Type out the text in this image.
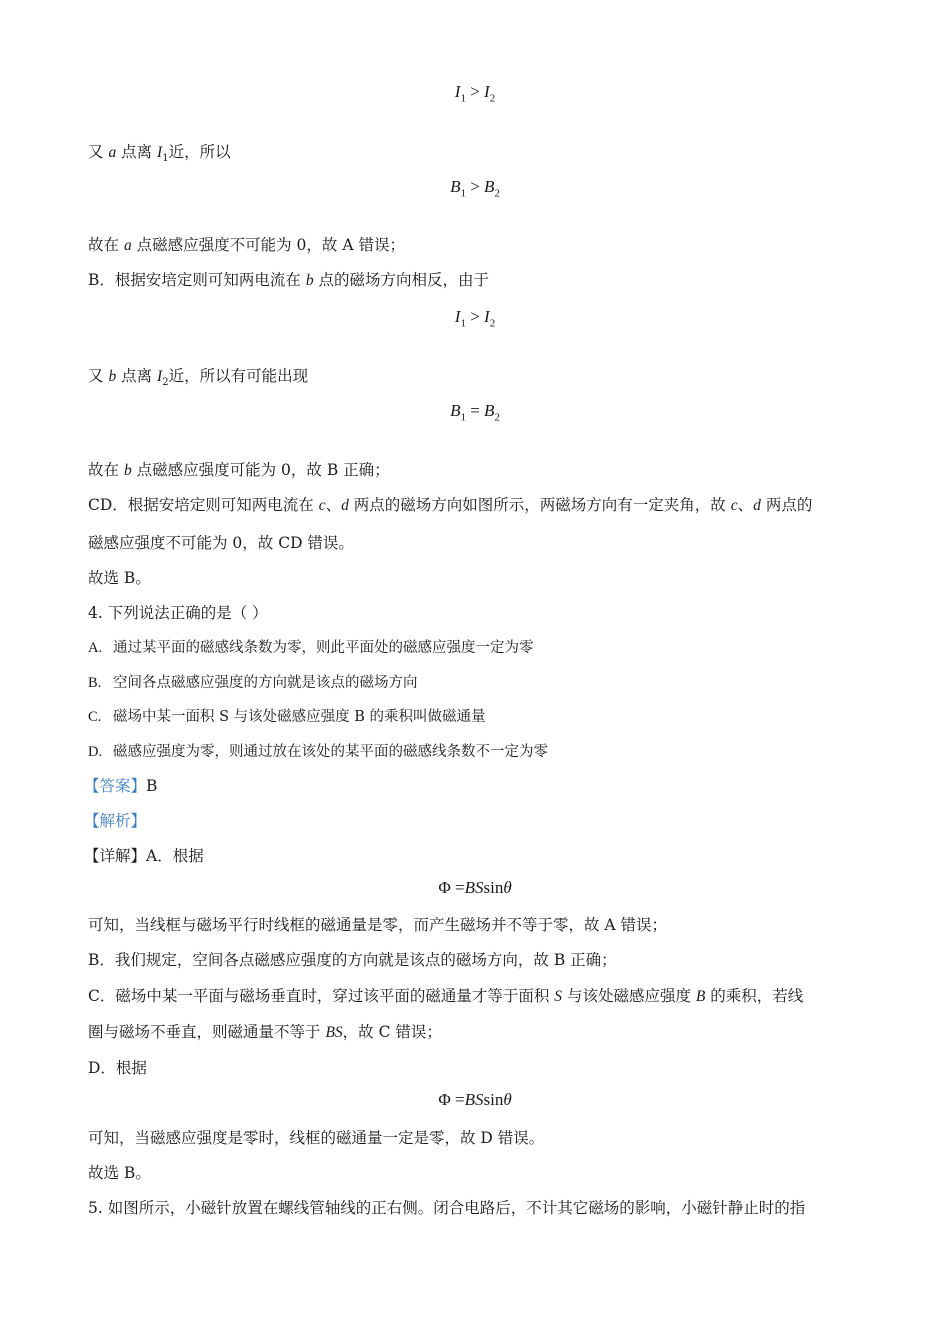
$I_1 > I_2$
又 a 点离 $I_1$近，所以
$B_1 > B_2$
故在 a 点磁感应强度不可能为 0，故 A 错误；
B．根据安培定则可知两电流在 b 点的磁场方向相反，由于
$I_1 > I_2$
又 b 点离 $I_2$近，所以有可能出现
$B_1 = B_2$
故在 b 点磁感应强度可能为 0，故 B 正确；
CD．根据安培定则可知两电流在 c、d 两点的磁场方向如图所示，两磁场方向有一定夹角，故 c、d 两点的
磁感应强度不可能为 0，故 CD 错误。
故选 B。
4. 下列说法正确的是（ ）
A. 通过某平面的磁感线条数为零，则此平面处的磁感应强度一定为零
B. 空间各点磁感应强度的方向就是该点的磁场方向
C. 磁场中某一面积 S 与该处磁感应强度 B 的乘积叫做磁通量
D. 磁感应强度为零，则通过放在该处的某平面的磁感线条数不一定为零
【答案】B
【解析】
【详解】A．根据
Φ =BSsinθ
可知，当线框与磁场平行时线框的磁通量是零，而产生磁场并不等于零，故 A 错误；
B．我们规定，空间各点磁感应强度的方向就是该点的磁场方向，故 B 正确；
C．磁场中某一平面与磁场垂直时，穿过该平面的磁通量才等于面积 S 与该处磁感应强度 B 的乘积，若线
圈与磁场不垂直，则磁通量不等于 BS，故 C 错误；
D．根据
Φ =BSsinθ
可知，当磁感应强度是零时，线框的磁通量一定是零，故 D 错误。
故选 B。
5. 如图所示，小磁针放置在螺线管轴线的正右侧。闭合电路后，不计其它磁场的影响，小磁针静止时的指
